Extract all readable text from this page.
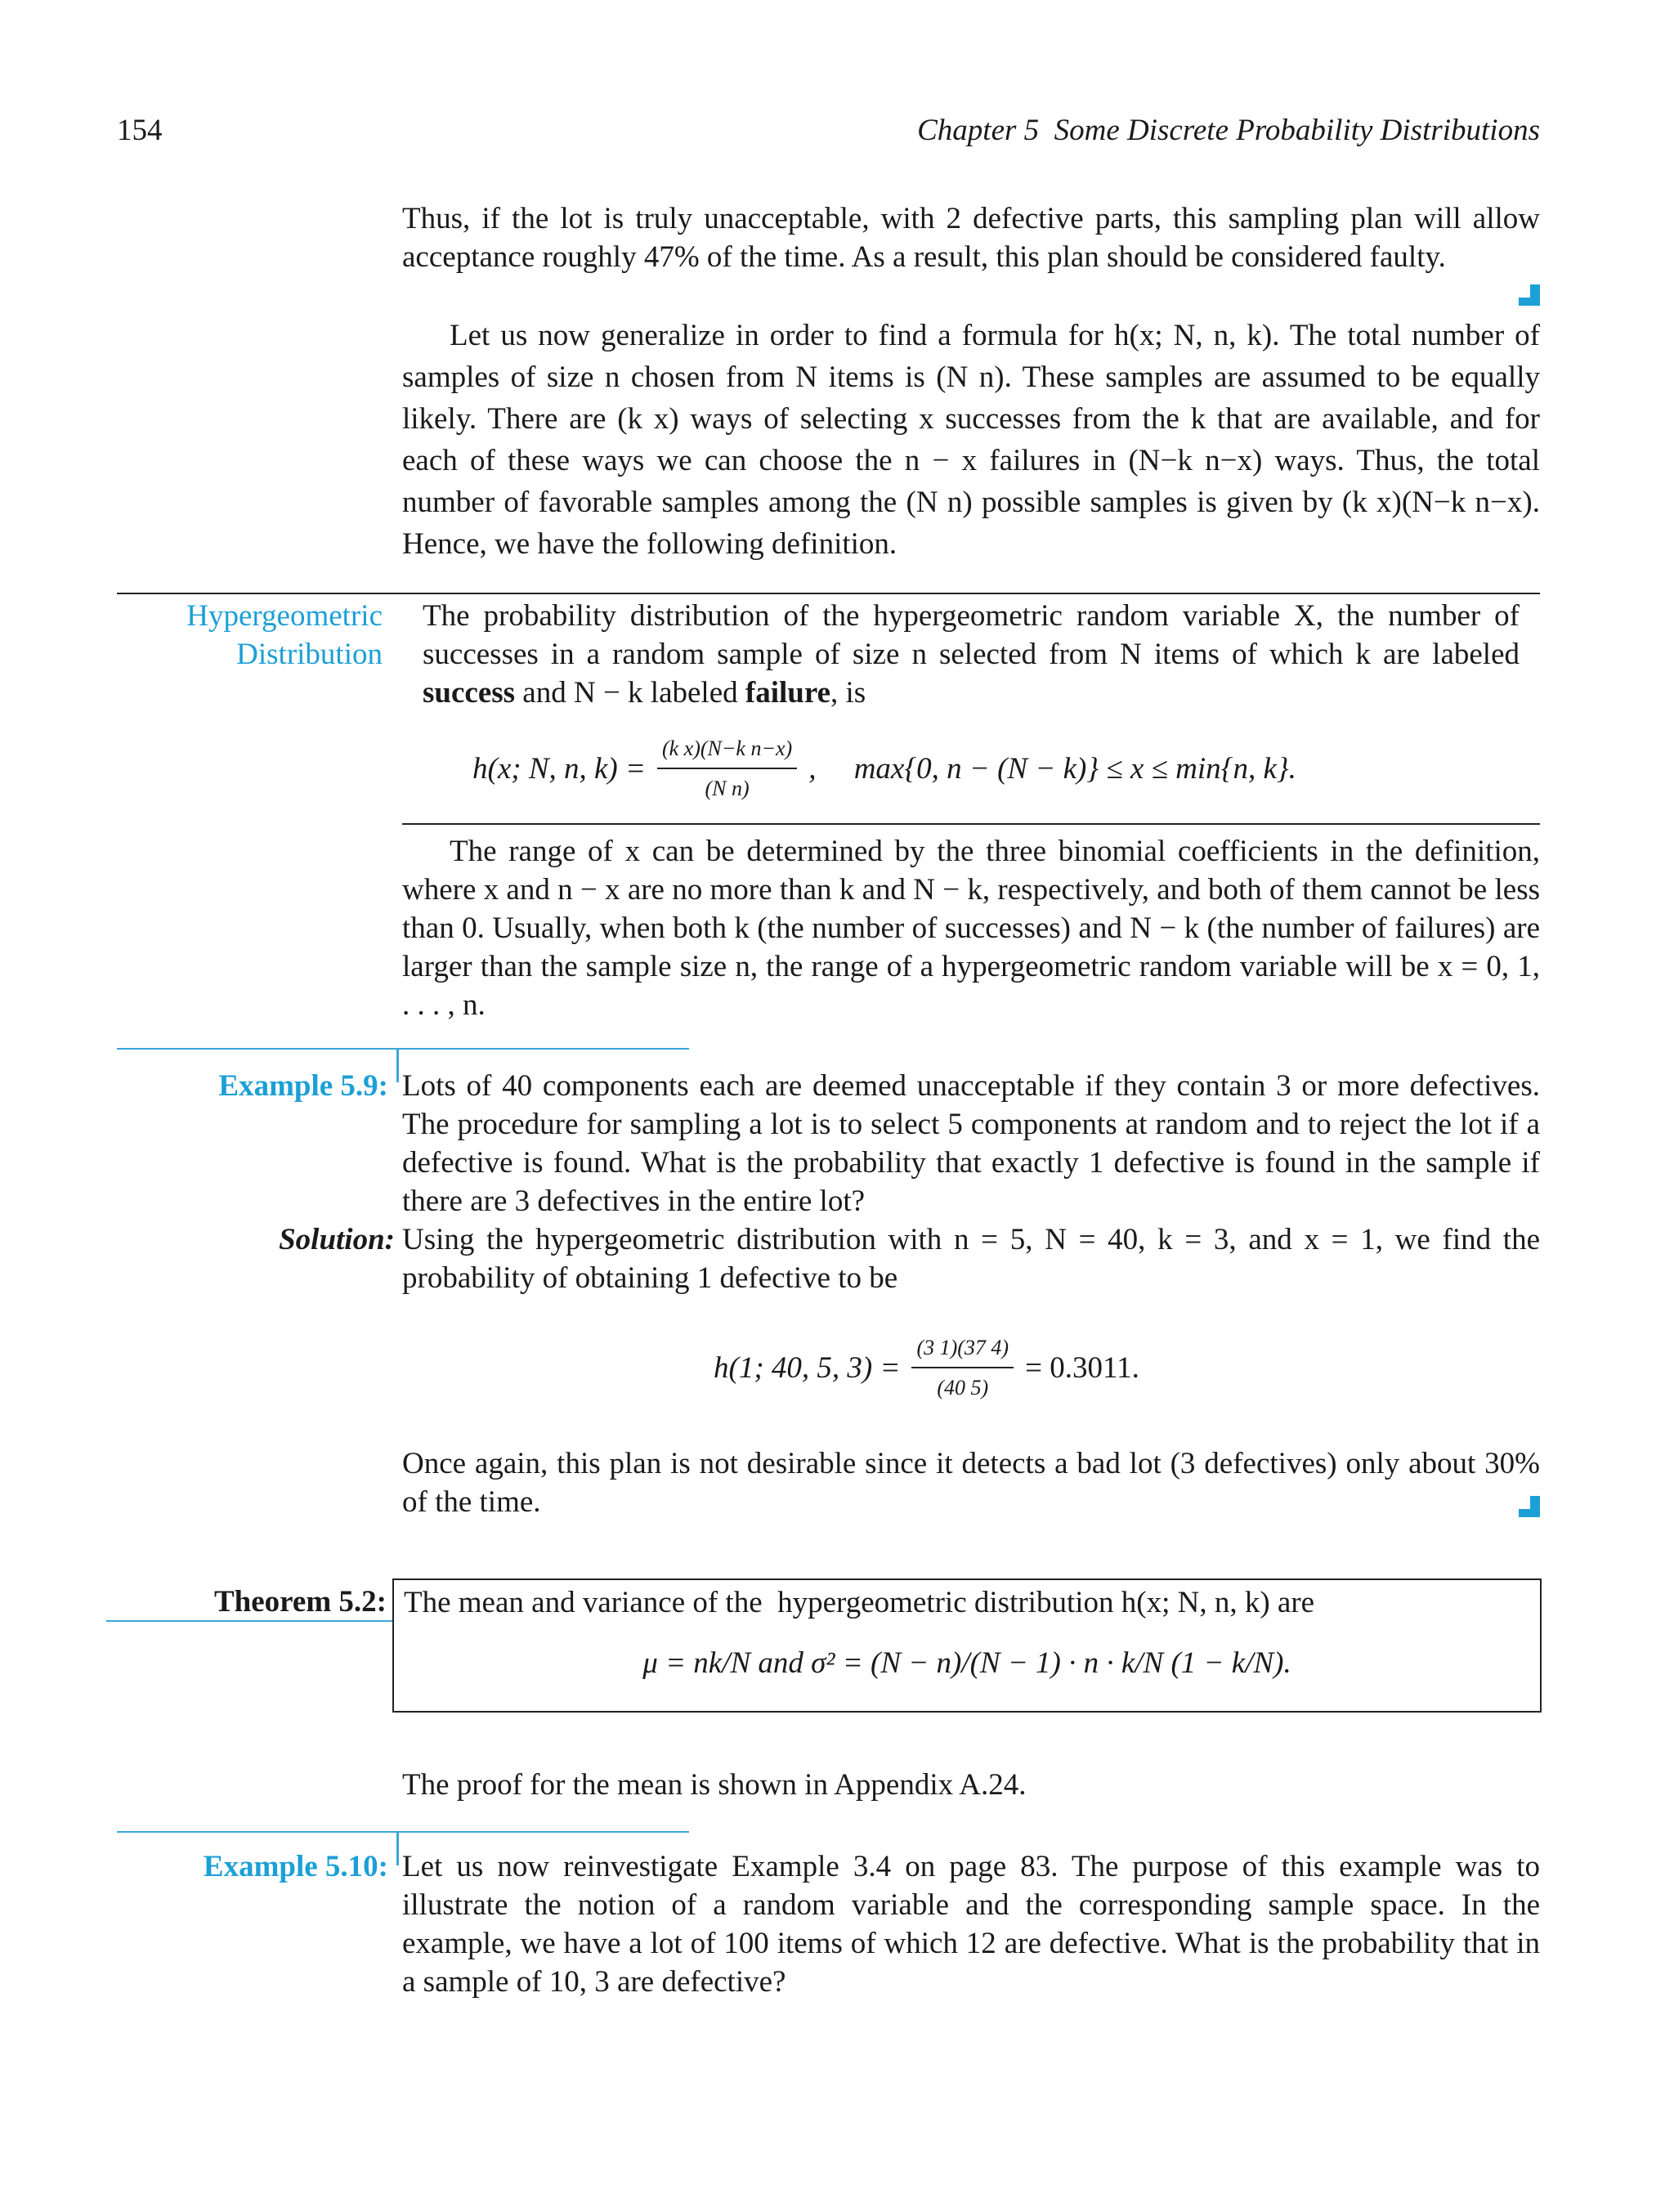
154	Chapter 5  Some Discrete Probability Distributions
Thus, if the lot is truly unacceptable, with 2 defective parts, this sampling plan will allow acceptance roughly 47% of the time. As a result, this plan should be considered faulty.
Let us now generalize in order to find a formula for h(x; N, n, k). The total number of samples of size n chosen from N items is (N n). These samples are assumed to be equally likely. There are (k x) ways of selecting x successes from the k that are available, and for each of these ways we can choose the n − x failures in (N−k n−x) ways. Thus, the total number of favorable samples among the (N n) possible samples is given by (k x)(N−k n−x). Hence, we have the following definition.
Hypergeometric
Distribution
The probability distribution of the hypergeometric random variable X, the number of successes in a random sample of size n selected from N items of which k are labeled success and N − k labeled failure, is
h(x; N, n, $k) = \frac{\text{(k x)(N−k n−x)}}{\text{(N n)}}$ ,     max{0, n − (N − k)} ≤ x ≤ min{n, k}.
The range of x can be determined by the three binomial coefficients in the definition, where x and n − x are no more than k and N − k, respectively, and both of them cannot be less than 0. Usually, when both k (the number of successes) and N − k (the number of failures) are larger than the sample size n, the range of a hypergeometric random variable will be x = 0, 1, . . . , n.
Example 5.9: Lots of 40 components each are deemed unacceptable if they contain 3 or more defectives. The procedure for sampling a lot is to select 5 components at random and to reject the lot if a defective is found. What is the probability that exactly 1 defective is found in the sample if there are 3 defectives in the entire lot?
Solution: Using the hypergeometric distribution with n = 5, N = 40, k = 3, and x = 1, we find the probability of obtaining 1 defective to be
h(1; 40, 5, $3) = \frac{(3 1)(37 4)}{(40 5)} = 0.3011$.
Once again, this plan is not desirable since it detects a bad lot (3 defectives) only about 30% of the time.
Theorem 5.2: The mean and variance of the  hypergeometric distribution h(x; N, n, k) are
μ = nk/N and σ² = (N − n)/(N − 1) · n · k/N (1 − k/N).
The proof for the mean is shown in Appendix A.24.
Example 5.10: Let us now reinvestigate Example 3.4 on page 83. The purpose of this example was to illustrate the notion of a random variable and the corresponding sample space. In the example, we have a lot of 100 items of which 12 are defective. What is the probability that in a sample of 10, 3 are defective?
